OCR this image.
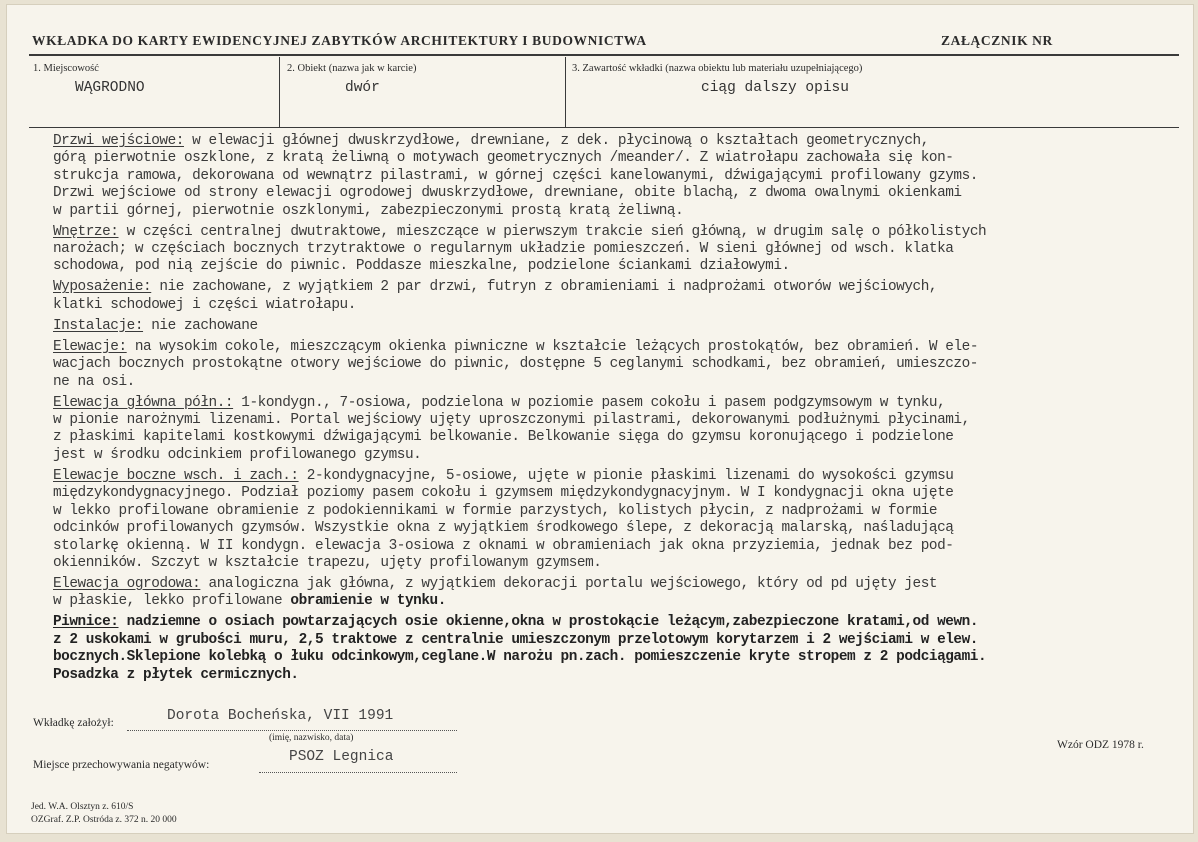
WKŁADKA DO KARTY EWIDENCYJNEJ ZABYTKÓW ARCHITEKTURY I BUDOWNICTWA	ZAŁĄCZNIK NR
1. Miejscowość
WĄGRODNO
2. Obiekt (nazwa jak w karcie)
dwór
3. Zawartość wkładki (nazwa obiektu lub materiału uzupełniającego)
ciąg dalszy opisu
Drzwi wejściowe: w elewacji głównej dwuskrzydłowe, drewniane, z dek. płycinową o kształtach geometrycznych,
górą pierwotnie oszklone, z kratą żeliwną o motywach geometrycznych /meander/. Z wiatrołapu zachowała się kon-
strukcja ramowa, dekorowana od wewnątrz pilastrami, w górnej części kanelowanymi, dźwigającymi profilowany gzyms.
Drzwi wejściowe od strony elewacji ogrodowej dwuskrzydłowe, drewniane, obite blachą, z dwoma owalnymi okienkami
w partii górnej, pierwotnie oszklonymi, zabezpieczonymi prostą kratą żeliwną.
Wnętrze: w części centralnej dwutraktowe, mieszczące w pierwszym trakcie sień główną, w drugim salę o półkolistych
narożach; w częściach bocznych trzytraktowe o regularnym układzie pomieszczeń. W sieni głównej od wsch. klatka
schodowa, pod nią zejście do piwnic. Poddasze mieszkalne, podzielone ściankami działowymi.
Wyposażenie: nie zachowane, z wyjątkiem 2 par drzwi, futryn z obramieniami i nadprożami otworów wejściowych,
klatki schodowej i części wiatrołapu.
Instalacje: nie zachowane
Elewacje: na wysokim cokole, mieszczącym okienka piwniczne w kształcie leżących prostokątów, bez obramień. W ele-
wacjach bocznych prostokątne otwory wejściowe do piwnic, dostępne 5 ceglanymi schodkami, bez obramień, umieszczo-
ne na osi.
Elewacja główna półn.: 1-kondygn., 7-osiowa, podzielona w poziomie pasem cokołu i pasem podgzymsowym w tynku,
w pionie narożnymi lizenami. Portal wejściowy ujęty uproszczonymi pilastrami, dekorowanymi podłużnymi płycinami,
z płaskimi kapitelami kostkowymi dźwigającymi belkowanie. Belkowanie sięga do gzymsu koronującego i podzielone
jest w środku odcinkiem profilowanego gzymsu.
Elewacje boczne wsch. i zach.: 2-kondygnacyjne, 5-osiowe, ujęte w pionie płaskimi lizenami do wysokości gzymsu
międzykondygnacyjnego. Podział poziomy pasem cokołu i gzymsem międzykondygnacyjnym. W I kondygnacji okna ujęte
w lekko profilowane obramienie z podokiennikami w formie parzystych, kolistych płycin, z nadprożami w formie
odcinków profilowanych gzymsów. Wszystkie okna z wyjątkiem środkowego ślepe, z dekoracją malarską, naśladującą
stolarkę okienną. W II kondygn. elewacja 3-osiowa z oknami w obramieniach jak okna przyziemia, jednak bez pod-
okienników. Szczyt w kształcie trapezu, ujęty profilowanym gzymsem.
Elewacja ogrodowa: analogiczna jak główna, z wyjątkiem dekoracji portalu wejściowego, który od pd ujęty jest
w płaskie, lekko profilowane obramienie w tynku.
Piwnice: nadziemne o osiach powtarzających osie okienne,okna w prostokącie leżącym,zabezpieczone kratami,od wewn.
z 2 uskokami w grubości muru, 2,5 traktowe z centralnie umieszczonym przelotowym korytarzem i 2 wejściami w elew.
bocznych.Sklepione kolebką o łuku odcinkowym,ceglane.W narożu pn.zach. pomieszczenie kryte stropem z 2 podciągami.
Posadzka z płytek cermicznych.
Wkładkę założył:	Dorota Bocheńska, VII 1991
(imię, nazwisko, data)
Miejsce przechowywania negatywów:	PSOZ Legnica
Wzór ODZ 1978 r.
Jed. W.A. Olsztyn z. 610/S
OZGraf. Z.P. Ostróda z. 372 n. 20 000
